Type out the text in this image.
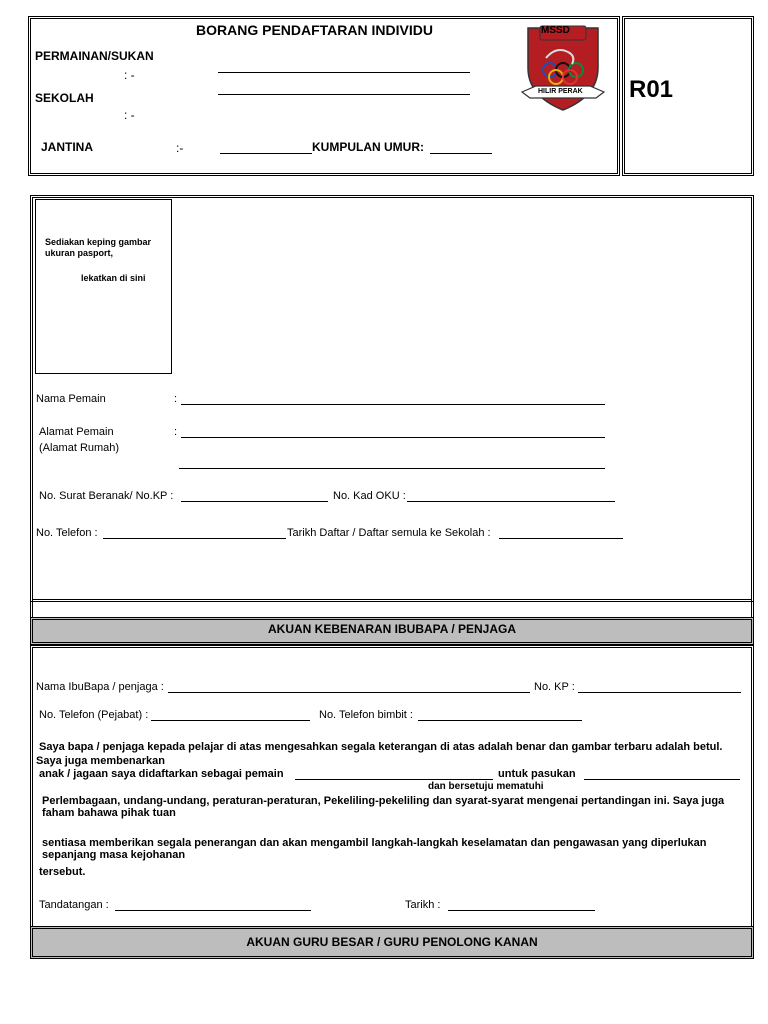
BORANG PENDAFTARAN INDIVIDU
PERMAINAN/SUKAN
: -
SEKOLAH
: -
JANTINA	:-	KUMPULAN UMUR:
MSSD
HILIR PERAK R01
Sediakan keping gambar ukuran pasport,
lekatkan di sini
Nama Pemain	:
Alamat Pemain
(Alamat Rumah)
:
No. Surat Beranak/ No.KP :	No. Kad OKU :
No. Telefon :	Tarikh Daftar / Daftar semula ke Sekolah :
AKUAN KEBENARAN IBUBAPA / PENJAGA
Nama IbuBapa / penjaga :	No. KP :
No. Telefon (Pejabat) :	No. Telefon bimbit :
Saya bapa / penjaga kepada pelajar di atas mengesahkan segala keterangan di atas adalah benar dan gambar terbaru adalah betul.
Saya juga membenarkan
anak / jagaan saya didaftarkan sebagai pemain	untuk pasukan
dan bersetuju mematuhi
Perlembagaan, undang-undang, peraturan-peraturan, Pekeliling-pekeliling dan syarat-syarat mengenai pertandingan ini. Saya juga faham bahawa pihak tuan
sentiasa memberikan segala penerangan dan akan mengambil langkah-langkah keselamatan dan pengawasan yang diperlukan sepanjang masa kejohanan
tersebut.
Tandatangan :	Tarikh :
AKUAN GURU BESAR / GURU PENOLONG KANAN
